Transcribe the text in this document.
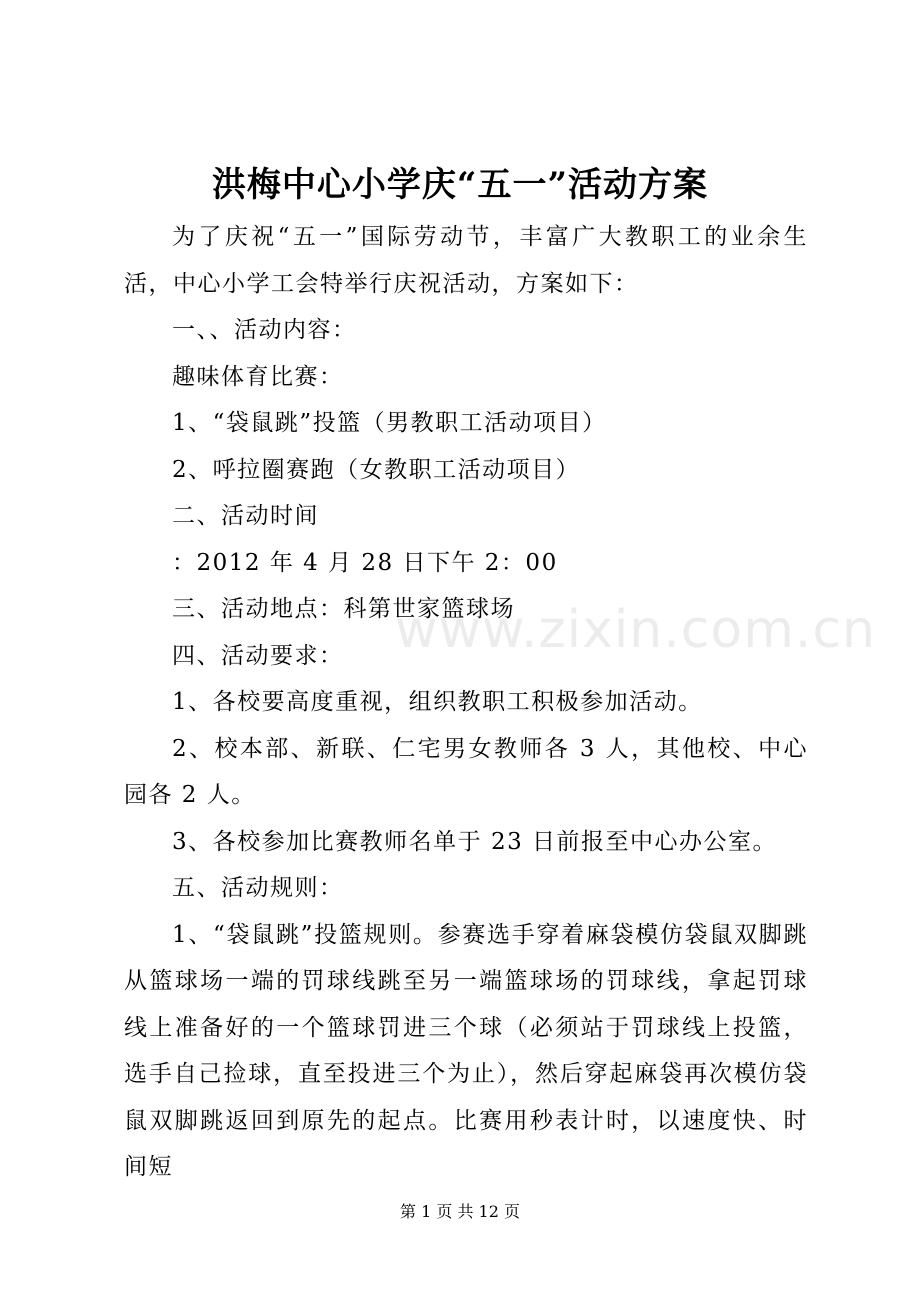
洪梅中心小学庆“五一”活动方案

为了庆祝“五一”国际劳动节，丰富广大教职工的业余生活，中心小学工会特举行庆祝活动，方案如下：

一、、活动内容：

趣味体育比赛：

1、“袋鼠跳”投篮（男教职工活动项目）

2、呼拉圈赛跑（女教职工活动项目）

二、活动时间

：2012 年 4 月 28 日下午 2：00

三、活动地点：科第世家篮球场

四、活动要求：

1、各校要高度重视，组织教职工积极参加活动。

2、校本部、新联、仁宅男女教师各 3 人，其他校、中心园各 2 人。

3、各校参加比赛教师名单于 23 日前报至中心办公室。

五、活动规则：

1、“袋鼠跳”投篮规则。参赛选手穿着麻袋模仿袋鼠双脚跳从篮球场一端的罚球线跳至另一端篮球场的罚球线，拿起罚球线上准备好的一个篮球罚进三个球（必须站于罚球线上投篮，选手自己捡球，直至投进三个为止），然后穿起麻袋再次模仿袋鼠双脚跳返回到原先的起点。比赛用秒表计时，以速度快、时间短

www.zixin.com.cn
第 1 页 共 12 页
